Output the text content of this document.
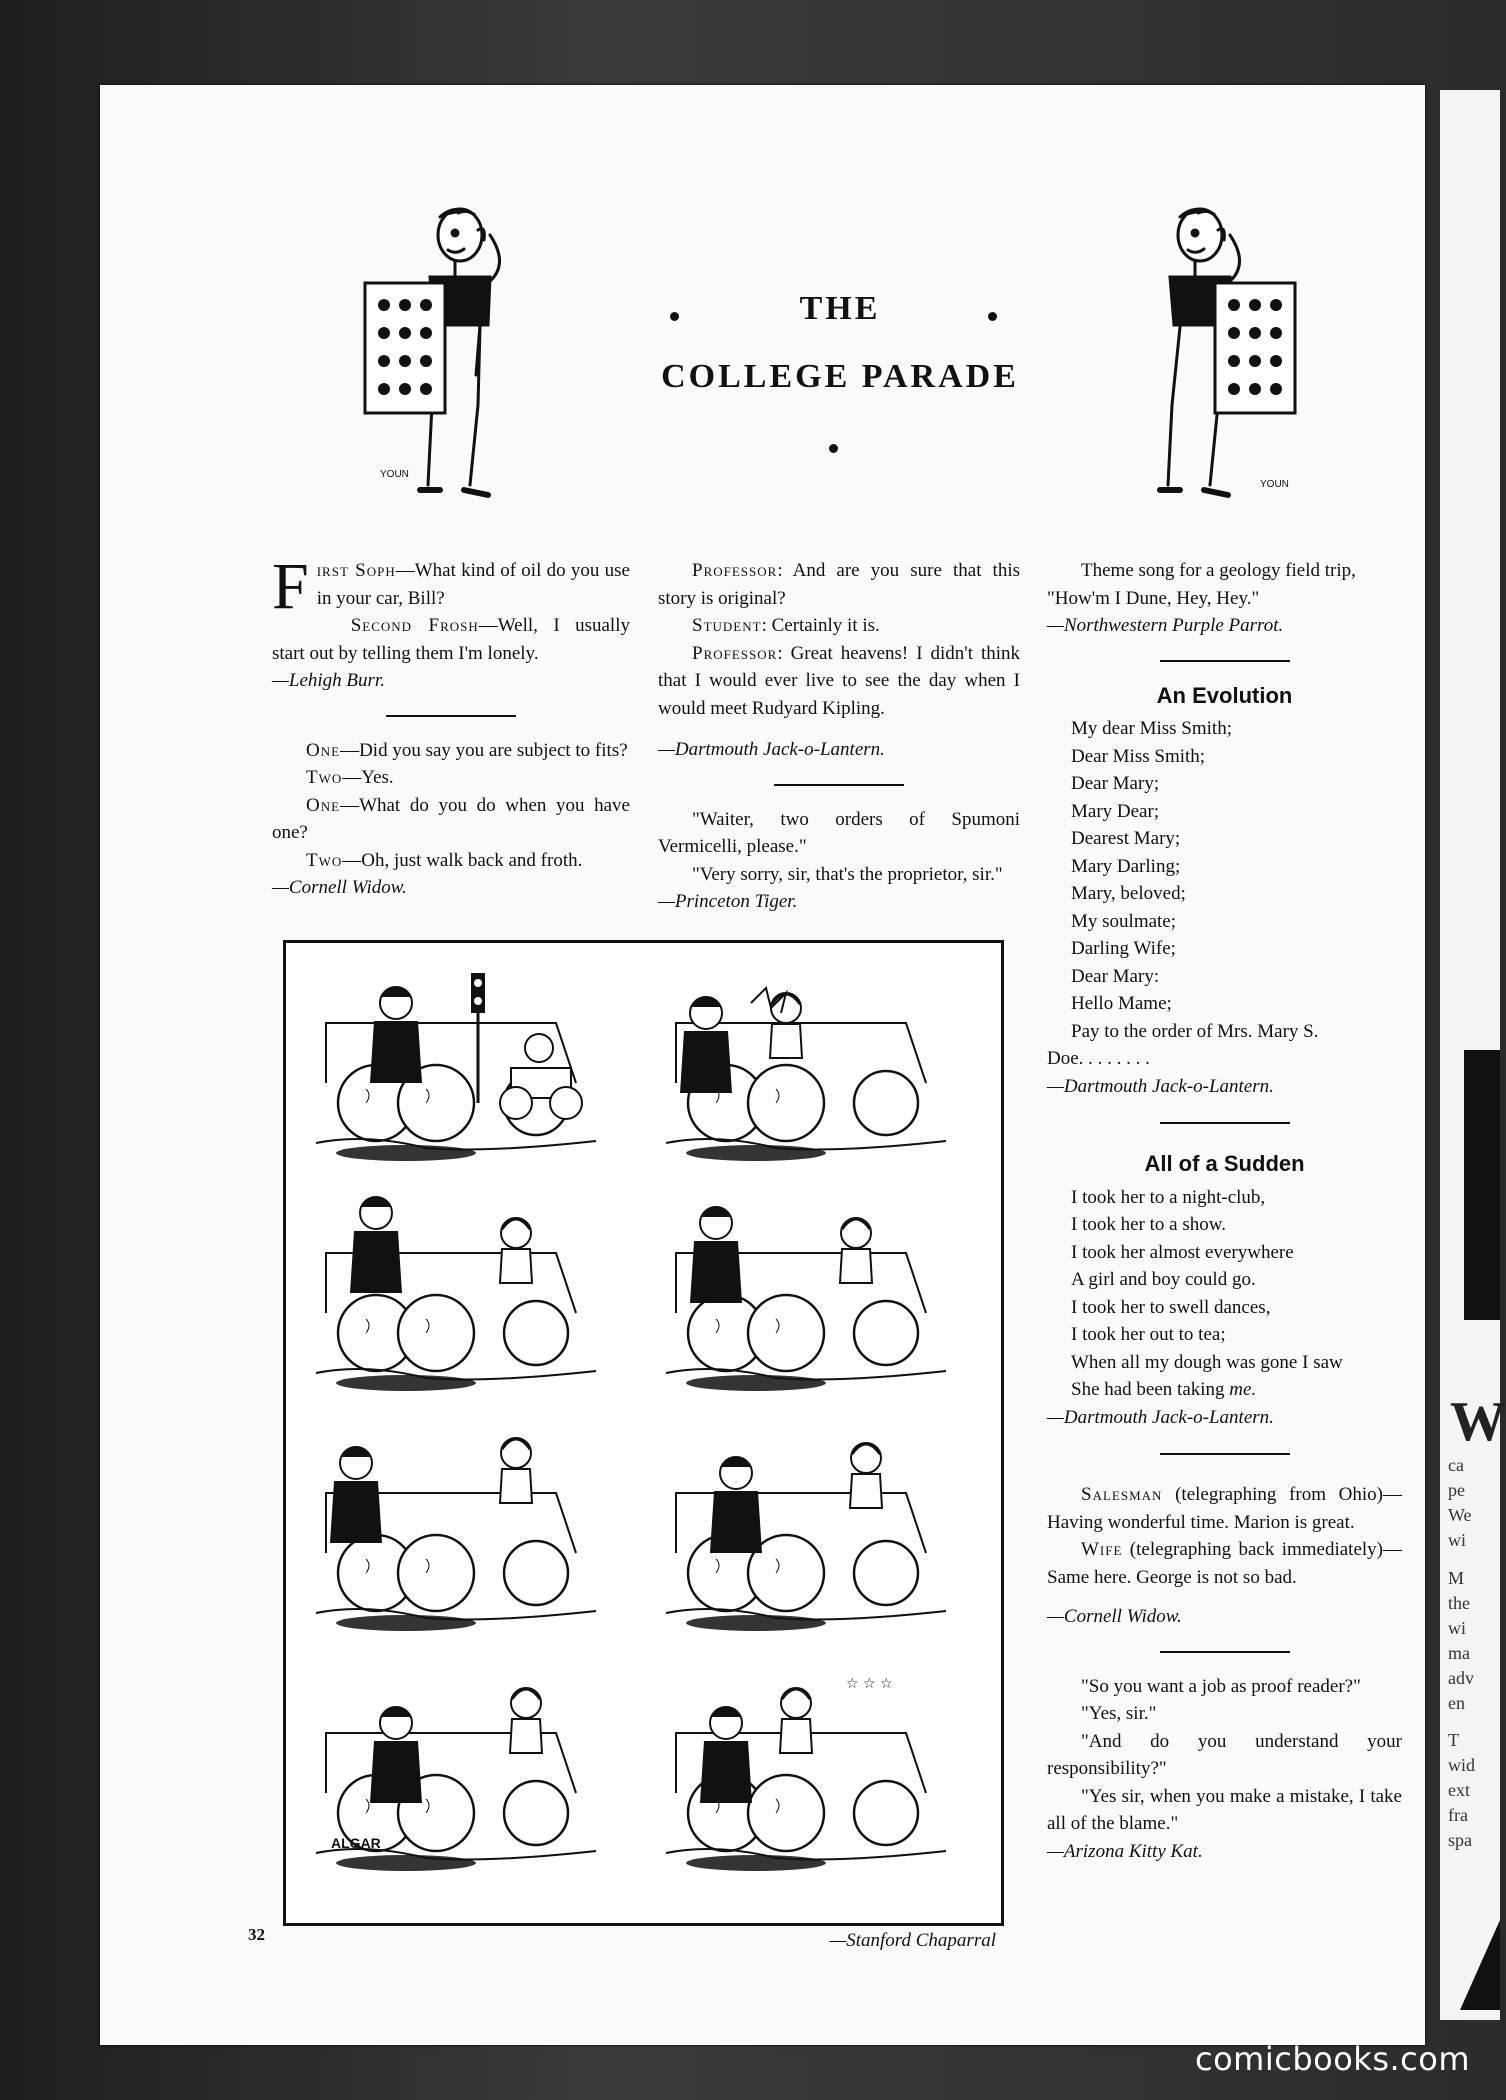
W
ca
pe
We
wi
M
the
wi
ma
adv
en
T
wid
ext
fra
spa
YOUN
YOUN
THE
COLLEGE PARADE

First Soph—What kind of oil do you use in your car, Bill?

Second Frosh—Well, I usually start out by telling them I'm lonely.

—Lehigh Burr.

One—Did you say you are subject to fits?

Two—Yes.

One—What do you do when you have one?

Two—Oh, just walk back and froth.

—Cornell Widow.

Professor: And are you sure that this story is original?

Student: Certainly it is.

Professor: Great heavens! I didn't think that I would ever live to see the day when I would meet Rudyard Kipling.

—Dartmouth Jack-o-Lantern.

"Waiter, two orders of Spumoni Vermicelli, please."

"Very sorry, sir, that's the proprietor, sir."

—Princeton Tiger.

Theme song for a geology field trip,

"How'm I Dune, Hey, Hey."

—Northwestern Purple Parrot.

An Evolution

My dear Miss Smith;

Dear Miss Smith;

Dear Mary;

Mary Dear;

Dearest Mary;

Mary Darling;

Mary, beloved;

My soulmate;

Darling Wife;

Dear Mary:

Hello Mame;

Pay to the order of Mrs. Mary S.

Doe. . . . . . . .

—Dartmouth Jack-o-Lantern.

All of a Sudden

I took her to a night-club,

I took her to a show.

I took her almost everywhere

A girl and boy could go.

I took her to swell dances,

I took her out to tea;

When all my dough was gone I saw

She had been taking me.

—Dartmouth Jack-o-Lantern.

Salesman (telegraphing from Ohio)—Having wonderful time. Marion is great.

Wife (telegraphing back immediately)—Same here. George is not so bad.

—Cornell Widow.

"So you want a job as proof reader?"

"Yes, sir."

"And do you understand your responsibility?"

"Yes sir, when you make a mistake, I take all of the blame."

—Arizona Kitty Kat.

☆ ☆ ☆
ALGAR
—Stanford Chaparral
32
comicbooks.com
